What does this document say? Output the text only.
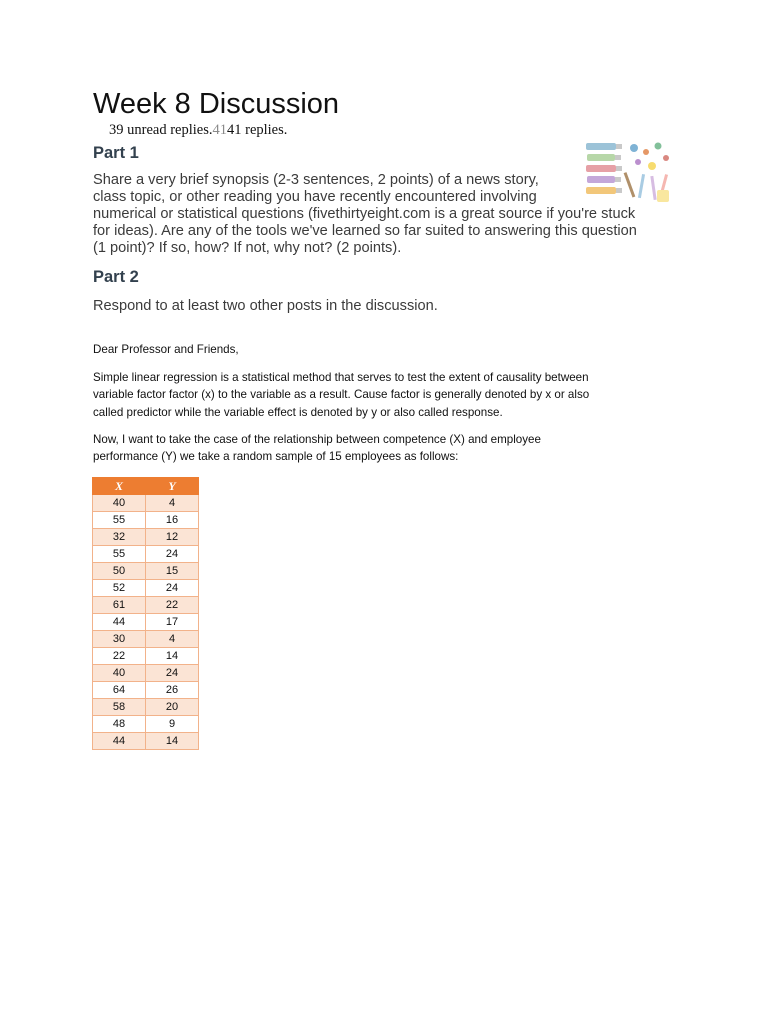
Week 8 Discussion
39 unread replies.4141 replies.
Part 1

Share a very brief synopsis (2-3 sentences, 2 points) of a news story,
class topic, or other reading you have recently encountered involving
numerical or statistical questions (fivethirtyeight.com is a great source if you're stuck
for ideas). Are any of the tools we've learned so far suited to answering this question
(1 point)? If so, how? If not, why not? (2 points).

Part 2

Respond to at least two other posts in the discussion.

Dear Professor and Friends,

Simple linear regression is a statistical method that serves to test the extent of causality between
variable factor factor (x) to the variable as a result. Cause factor is generally denoted by x or also
called predictor while the variable effect is denoted by y or also called response.

Now, I want to take the case of the relationship between competence (X) and employee
performance (Y) we take a random sample of 15 employees as follows:

X	Y
40	4
55	16
32	12
55	24
50	15
52	24
61	22
44	17
30	4
22	14
40	24
64	26
58	20
48	9
44	14
